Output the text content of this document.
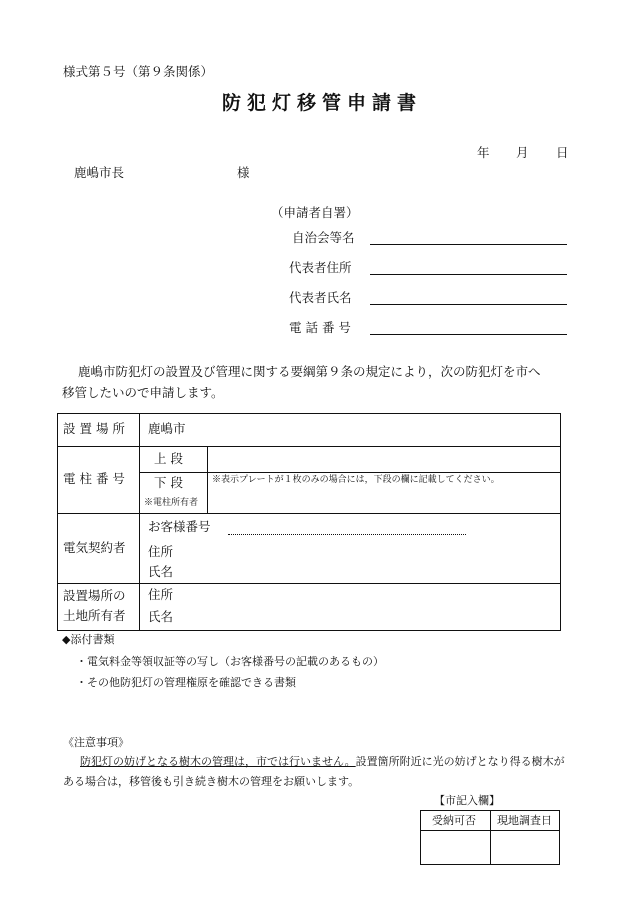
様式第５号（第９条関係）
防犯灯移管申請書
年 月 日
鹿嶋市長	様
（申請者自署）
自治会等名
代表者住所
代表者氏名
電 話 番 号
鹿嶋市防犯灯の設置及び管理に関する要綱第９条の規定により，次の防犯灯を市へ
移管したいので申請します。
設 置 場 所 鹿嶋市
電 柱 番 号
上 段
下 段
※電柱所有者
※表示プレートが１枚のみの場合には，下段の欄に記載してください。
電気契約者
お客様番号
住所
氏名
設置場所の
土地所有者
住所
氏名
◆添付書類
・電気料金等領収証等の写し（お客様番号の記載のあるもの）
・その他防犯灯の管理権原を確認できる書類
《注意事項》
防犯灯の妨げとなる樹木の管理は，市では行いません。設置箇所附近に光の妨げとなり得る樹木が
ある場合は，移管後も引き続き樹木の管理をお願いします。
【市記入欄】
受納可否 現地調査日
